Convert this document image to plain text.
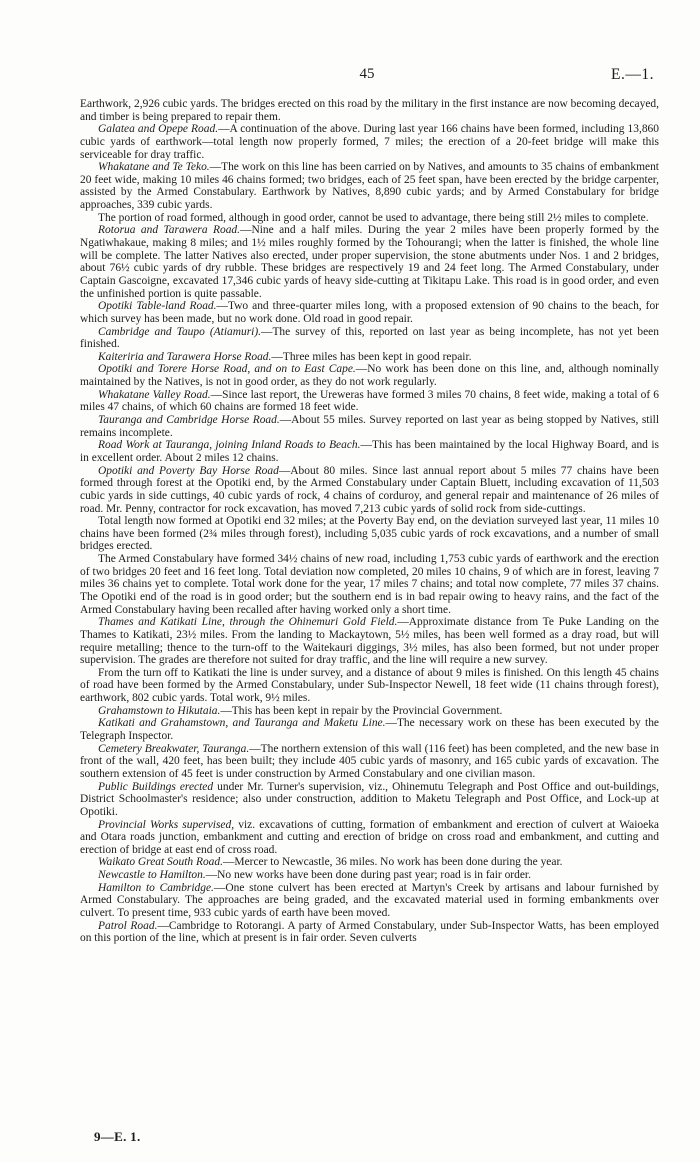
45	E.—1.

Earthwork, 2,926 cubic yards. The bridges erected on this road by the military in the first instance are now becoming decayed, and timber is being prepared to repair them.

Galatea and Opepe Road.—A continuation of the above. During last year 166 chains have been formed, including 13,860 cubic yards of earthwork—total length now properly formed, 7 miles; the erection of a 20-feet bridge will make this serviceable for dray traffic.

Whakatane and Te Teko.—The work on this line has been carried on by Natives, and amounts to 35 chains of embankment 20 feet wide, making 10 miles 46 chains formed; two bridges, each of 25 feet span, have been erected by the bridge carpenter, assisted by the Armed Constabulary. Earthwork by Natives, 8,890 cubic yards; and by Armed Constabulary for bridge approaches, 339 cubic yards.

The portion of road formed, although in good order, cannot be used to advantage, there being still 2½ miles to complete.

Rotorua and Tarawera Road.—Nine and a half miles. During the year 2 miles have been properly formed by the Ngatiwhakaue, making 8 miles; and 1½ miles roughly formed by the Tohourangi; when the latter is finished, the whole line will be complete. The latter Natives also erected, under proper supervision, the stone abutments under Nos. 1 and 2 bridges, about 76½ cubic yards of dry rubble. These bridges are respectively 19 and 24 feet long. The Armed Constabulary, under Captain Gascoigne, excavated 17,346 cubic yards of heavy side-cutting at Tikitapu Lake. This road is in good order, and even the unfinished portion is quite passable.

Opotiki Table-land Road.—Two and three-quarter miles long, with a proposed extension of 90 chains to the beach, for which survey has been made, but no work done. Old road in good repair.

Cambridge and Taupo (Atiamuri).—The survey of this, reported on last year as being incomplete, has not yet been finished.

Kaiteriria and Tarawera Horse Road.—Three miles has been kept in good repair.

Opotiki and Torere Horse Road, and on to East Cape.—No work has been done on this line, and, although nominally maintained by the Natives, is not in good order, as they do not work regularly.

Whakatane Valley Road.—Since last report, the Ureweras have formed 3 miles 70 chains, 8 feet wide, making a total of 6 miles 47 chains, of which 60 chains are formed 18 feet wide.

Tauranga and Cambridge Horse Road.—About 55 miles. Survey reported on last year as being stopped by Natives, still remains incomplete.

Road Work at Tauranga, joining Inland Roads to Beach.—This has been maintained by the local Highway Board, and is in excellent order. About 2 miles 12 chains.

Opotiki and Poverty Bay Horse Road—About 80 miles. Since last annual report about 5 miles 77 chains have been formed through forest at the Opotiki end, by the Armed Constabulary under Captain Bluett, including excavation of 11,503 cubic yards in side cuttings, 40 cubic yards of rock, 4 chains of corduroy, and general repair and maintenance of 26 miles of road. Mr. Penny, contractor for rock excavation, has moved 7,213 cubic yards of solid rock from side-cuttings.

Total length now formed at Opotiki end 32 miles; at the Poverty Bay end, on the deviation surveyed last year, 11 miles 10 chains have been formed (2¾ miles through forest), including 5,035 cubic yards of rock excavations, and a number of small bridges erected.

The Armed Constabulary have formed 34½ chains of new road, including 1,753 cubic yards of earthwork and the erection of two bridges 20 feet and 16 feet long. Total deviation now completed, 20 miles 10 chains, 9 of which are in forest, leaving 7 miles 36 chains yet to complete. Total work done for the year, 17 miles 7 chains; and total now complete, 77 miles 37 chains. The Opotiki end of the road is in good order; but the southern end is in bad repair owing to heavy rains, and the fact of the Armed Constabulary having been recalled after having worked only a short time.

Thames and Katikati Line, through the Ohinemuri Gold Field.—Approximate distance from Te Puke Landing on the Thames to Katikati, 23½ miles. From the landing to Mackaytown, 5½ miles, has been well formed as a dray road, but will require metalling; thence to the turn-off to the Waitekauri diggings, 3½ miles, has also been formed, but not under proper supervision. The grades are therefore not suited for dray traffic, and the line will require a new survey.

From the turn off to Katikati the line is under survey, and a distance of about 9 miles is finished. On this length 45 chains of road have been formed by the Armed Constabulary, under Sub-Inspector Newell, 18 feet wide (11 chains through forest), earthwork, 802 cubic yards. Total work, 9½ miles.

Grahamstown to Hikutaia.—This has been kept in repair by the Provincial Government.

Katikati and Grahamstown, and Tauranga and Maketu Line.—The necessary work on these has been executed by the Telegraph Inspector.

Cemetery Breakwater, Tauranga.—The northern extension of this wall (116 feet) has been completed, and the new base in front of the wall, 420 feet, has been built; they include 405 cubic yards of masonry, and 165 cubic yards of excavation. The southern extension of 45 feet is under construction by Armed Constabulary and one civilian mason.

Public Buildings erected under Mr. Turner's supervision, viz., Ohinemutu Telegraph and Post Office and out-buildings, District Schoolmaster's residence; also under construction, addition to Maketu Telegraph and Post Office, and Lock-up at Opotiki.

Provincial Works supervised, viz. excavations of cutting, formation of embankment and erection of culvert at Waioeka and Otara roads junction, embankment and cutting and erection of bridge on cross road and embankment, and cutting and erection of bridge at east end of cross road.

Waikato Great South Road.—Mercer to Newcastle, 36 miles. No work has been done during the year.

Newcastle to Hamilton.—No new works have been done during past year; road is in fair order.

Hamilton to Cambridge.—One stone culvert has been erected at Martyn's Creek by artisans and labour furnished by Armed Constabulary. The approaches are being graded, and the excavated material used in forming embankments over culvert. To present time, 933 cubic yards of earth have been moved.

Patrol Road.—Cambridge to Rotorangi. A party of Armed Constabulary, under Sub-Inspector Watts, has been employed on this portion of the line, which at present is in fair order. Seven culverts

9—E. 1.
